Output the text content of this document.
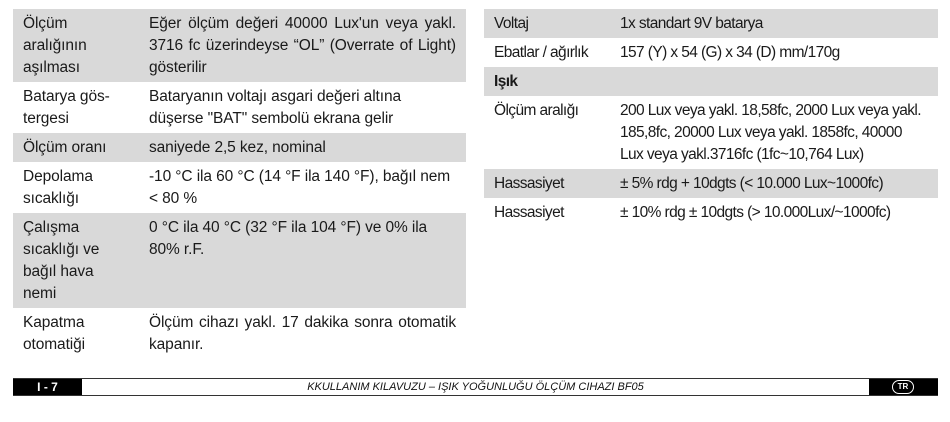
Ölçüm aralığının aşılması	Eğer ölçüm değeri 40000 Lux'un veya yakl. 3716 fc üzerindeyse “OL” (Overrate of Light) gösterilir
Batarya gös-tergesi	Bataryanın voltajı asgari değeri altına düşerse "BAT" sembolü ekrana gelir
Ölçüm oranı	saniyede 2,5 kez, nominal
Depolama sıcaklığı	-10 °C ila 60 °C (14 °F ila 140 °F), bağıl nem < 80 %
Çalışma sıcaklığı ve bağıl hava nemi	0 °C ila 40 °C (32 °F ila 104 °F) ve 0% ila 80% r.F.
Kapatma otomatiği	Ölçüm cihazı yakl. 17 dakika sonra otomatik kapanır.
Voltaj	1x standart 9V batarya
Ebatlar / ağırlık	157 (Y) x 54 (G) x 34 (D) mm/170g
Işık	
Ölçüm aralığı	200 Lux veya yakl. 18,58fc, 2000 Lux veya yakl. 185,8fc, 20000 Lux veya yakl. 1858fc, 40000 Lux veya yakl.3716fc (1fc~10,764 Lux)
Hassasiyet	± 5% rdg + 10dgts (< 10.000 Lux~1000fc)
Hassasiyet	± 10% rdg ± 10dgts (> 10.000Lux/~1000fc)
I - 7	KKULLANIM KILAVUZU – IŞIK YOĞUNLUĞU ÖLÇÜM CIHAZI BF05	TR
